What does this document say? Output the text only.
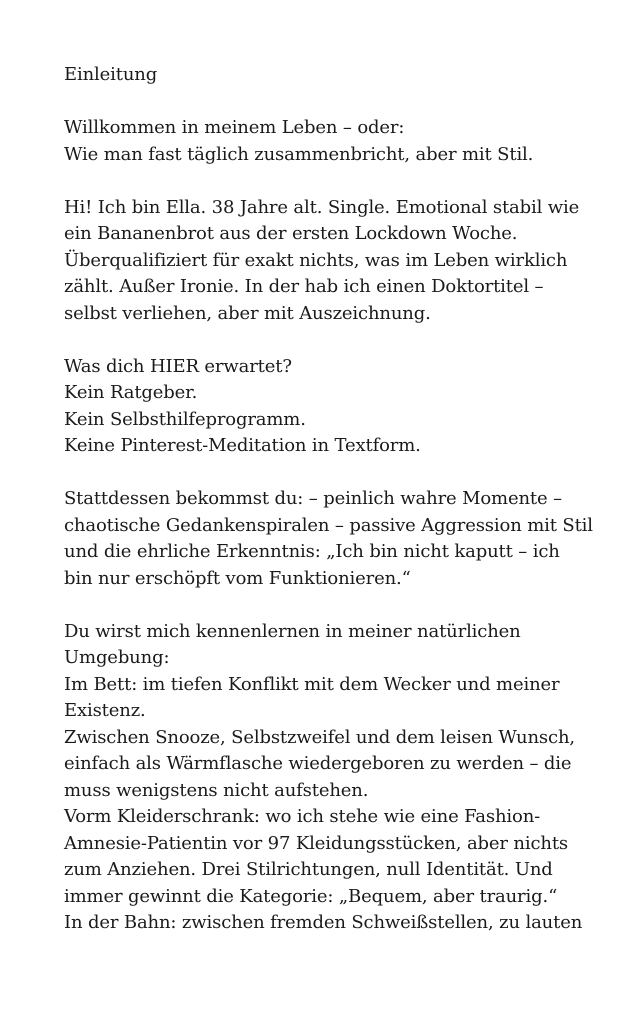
Einleitung
Willkommen in meinem Leben – oder:
Wie man fast täglich zusammenbricht, aber mit Stil.
Hi! Ich bin Ella. 38 Jahre alt. Single. Emotional stabil wie
ein Bananenbrot aus der ersten Lockdown Woche.
Überqualifiziert für exakt nichts, was im Leben wirklich
zählt. Außer Ironie. In der hab ich einen Doktortitel –
selbst verliehen, aber mit Auszeichnung.
Was dich HIER erwartet?
Kein Ratgeber.
Kein Selbsthilfeprogramm.
Keine Pinterest-Meditation in Textform.
Stattdessen bekommst du: – peinlich wahre Momente –
chaotische Gedankenspiralen – passive Aggression mit Stil
und die ehrliche Erkenntnis: „Ich bin nicht kaputt – ich
bin nur erschöpft vom Funktionieren.“
Du wirst mich kennenlernen in meiner natürlichen
Umgebung:
Im Bett: im tiefen Konflikt mit dem Wecker und meiner
Existenz.
Zwischen Snooze, Selbstzweifel und dem leisen Wunsch,
einfach als Wärmflasche wiedergeboren zu werden – die
muss wenigstens nicht aufstehen.
Vorm Kleiderschrank: wo ich stehe wie eine Fashion-
Amnesie-Patientin vor 97 Kleidungsstücken, aber nichts
zum Anziehen. Drei Stilrichtungen, null Identität. Und
immer gewinnt die Kategorie: „Bequem, aber traurig.“
In der Bahn: zwischen fremden Schweißstellen, zu lauten
